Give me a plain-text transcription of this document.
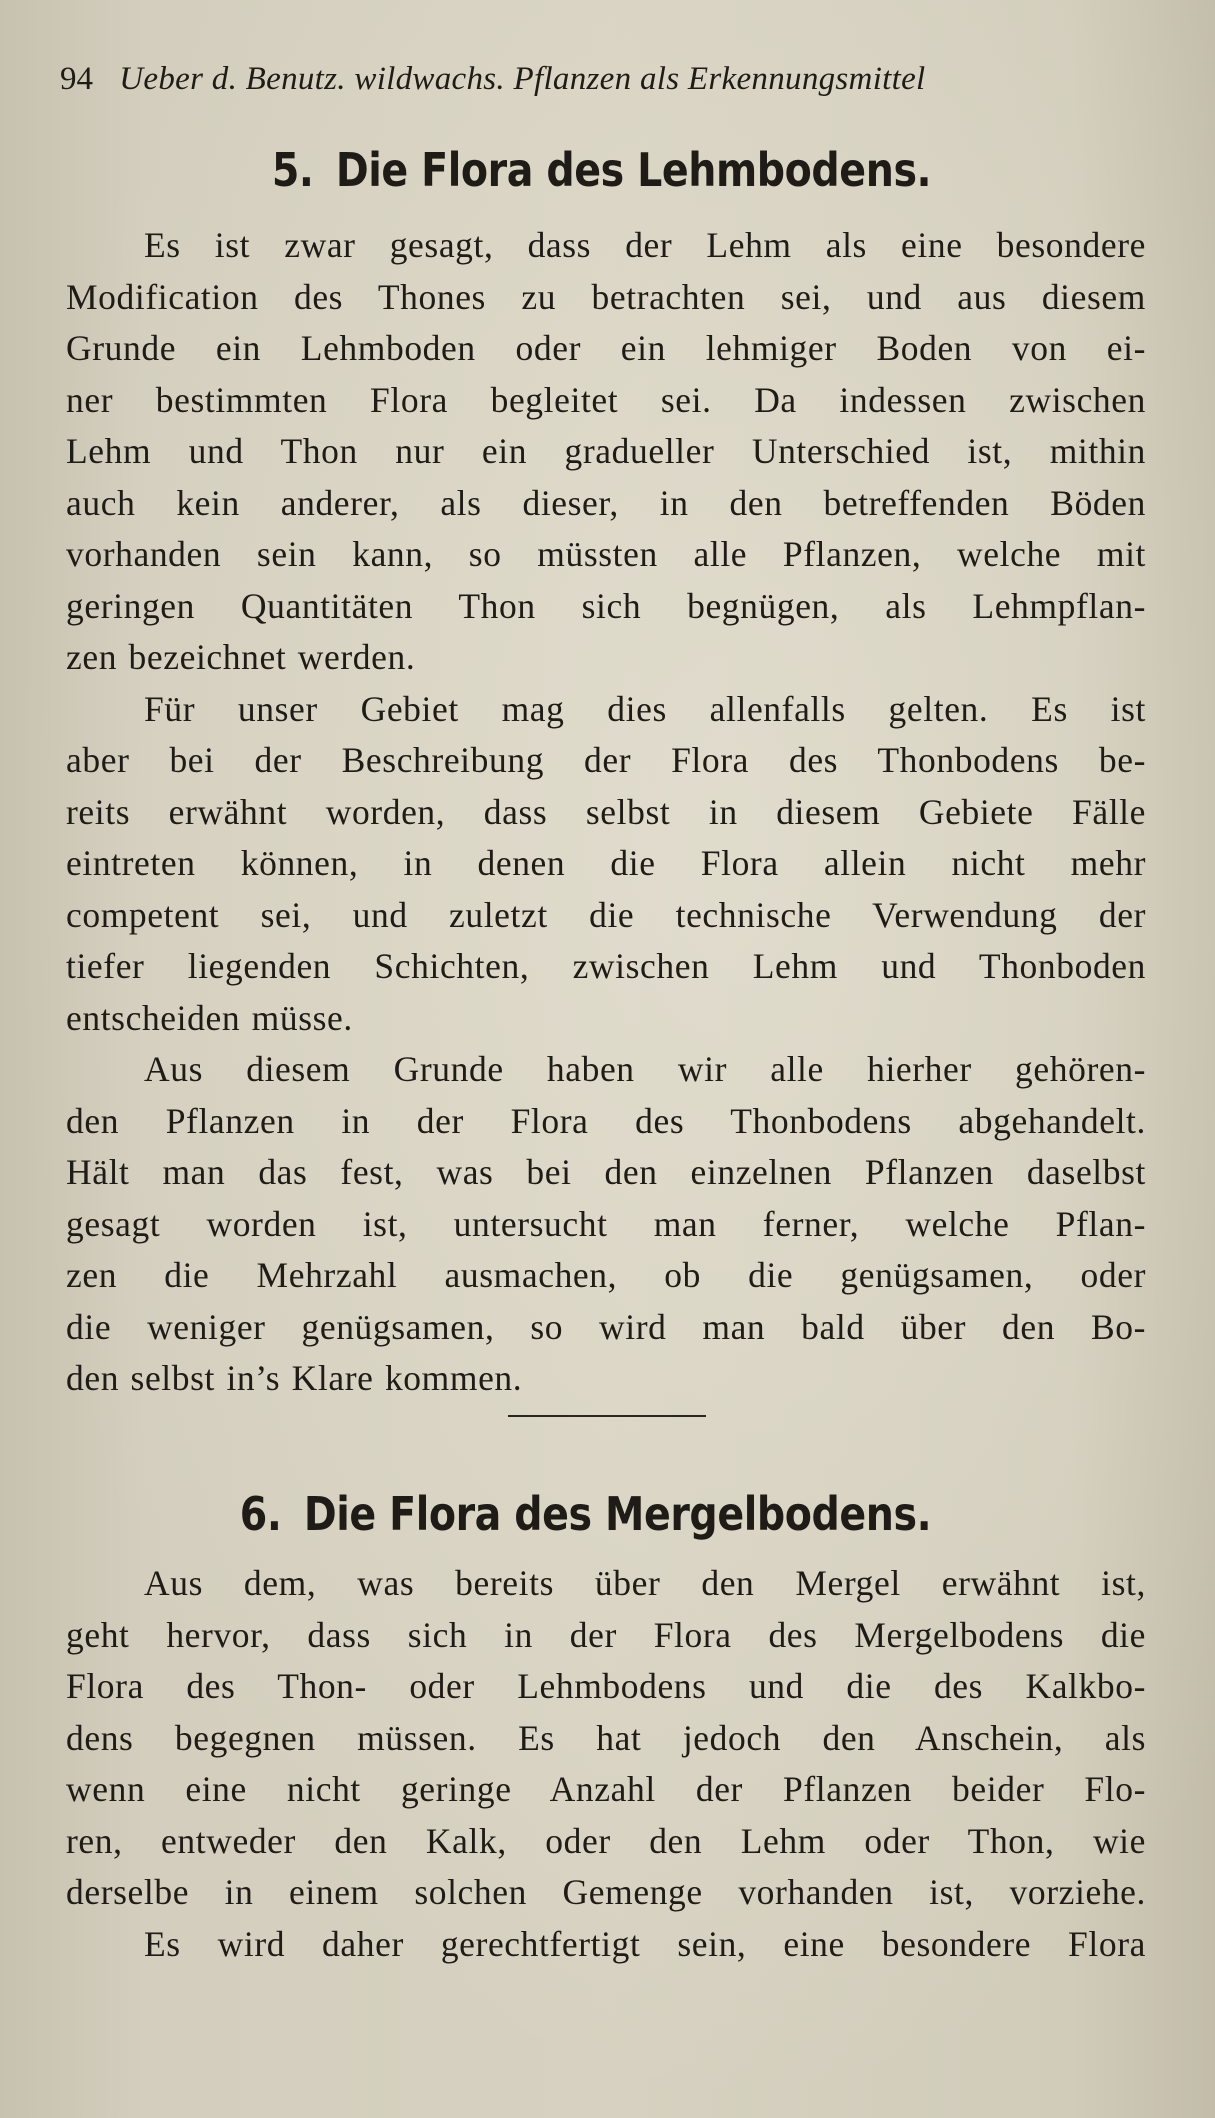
94 Ueber d. Benutz. wildwachs. Pflanzen als Erkennungsmittel
5. Die Flora des Lehmbodens.
Es ist zwar gesagt, dass der Lehm als eine besondere
Modification des Thones zu betrachten sei, und aus diesem
Grunde ein Lehmboden oder ein lehmiger Boden von ei-
ner bestimmten Flora begleitet sei. Da indessen zwischen
Lehm und Thon nur ein gradueller Unterschied ist, mithin
auch kein anderer, als dieser, in den betreffenden Böden
vorhanden sein kann, so müssten alle Pflanzen, welche mit
geringen Quantitäten Thon sich begnügen, als Lehmpflan-
zen bezeichnet werden.
Für unser Gebiet mag dies allenfalls gelten. Es ist
aber bei der Beschreibung der Flora des Thonbodens be-
reits erwähnt worden, dass selbst in diesem Gebiete Fälle
eintreten können, in denen die Flora allein nicht mehr
competent sei, und zuletzt die technische Verwendung der
tiefer liegenden Schichten, zwischen Lehm und Thonboden
entscheiden müsse.
Aus diesem Grunde haben wir alle hierher gehören-
den Pflanzen in der Flora des Thonbodens abgehandelt.
Hält man das fest, was bei den einzelnen Pflanzen daselbst
gesagt worden ist, untersucht man ferner, welche Pflan-
zen die Mehrzahl ausmachen, ob die genügsamen, oder
die weniger genügsamen, so wird man bald über den Bo-
den selbst in’s Klare kommen.
6. Die Flora des Mergelbodens.
Aus dem, was bereits über den Mergel erwähnt ist,
geht hervor, dass sich in der Flora des Mergelbodens die
Flora des Thon- oder Lehmbodens und die des Kalkbo-
dens begegnen müssen. Es hat jedoch den Anschein, als
wenn eine nicht geringe Anzahl der Pflanzen beider Flo-
ren, entweder den Kalk, oder den Lehm oder Thon, wie
derselbe in einem solchen Gemenge vorhanden ist, vorziehe.
Es wird daher gerechtfertigt sein, eine besondere Flora
